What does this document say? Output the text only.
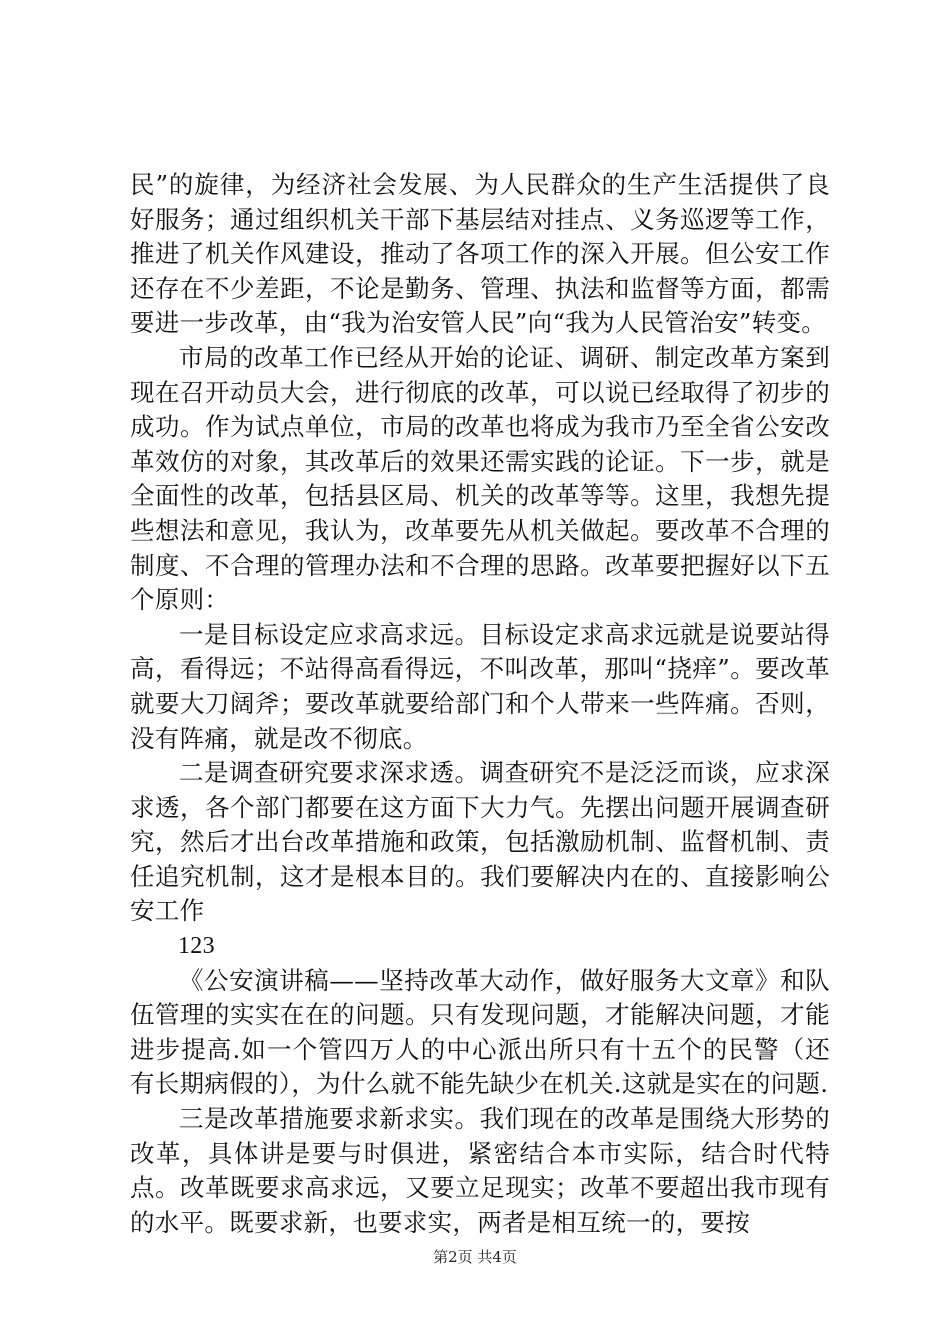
民”的旋律，为经济社会发展、为人民群众的生产生活提供了良好服务；通过组织机关干部下基层结对挂点、义务巡逻等工作，推进了机关作风建设，推动了各项工作的深入开展。但公安工作还存在不少差距，不论是勤务、管理、执法和监督等方面，都需要进一步改革，由“我为治安管人民”向“我为人民管治安”转变。

市局的改革工作已经从开始的论证、调研、制定改革方案到现在召开动员大会，进行彻底的改革，可以说已经取得了初步的成功。作为试点单位，市局的改革也将成为我市乃至全省公安改革效仿的对象，其改革后的效果还需实践的论证。下一步，就是全面性的改革，包括县区局、机关的改革等等。这里，我想先提些想法和意见，我认为，改革要先从机关做起。要改革不合理的制度、不合理的管理办法和不合理的思路。改革要把握好以下五个原则：

一是目标设定应求高求远。目标设定求高求远就是说要站得高，看得远；不站得高看得远，不叫改革，那叫“挠痒”。要改革就要大刀阔斧；要改革就要给部门和个人带来一些阵痛。否则，没有阵痛，就是改不彻底。

二是调查研究要求深求透。调查研究不是泛泛而谈，应求深求透，各个部门都要在这方面下大力气。先摆出问题开展调查研究，然后才出台改革措施和政策，包括激励机制、监督机制、责任追究机制，这才是根本目的。我们要解决内在的、直接影响公安工作

123

《公安演讲稿——坚持改革大动作，做好服务大文章》和队伍管理的实实在在的问题。只有发现问题，才能解决问题，才能进步提高.如一个管四万人的中心派出所只有十五个的民警（还有长期病假的），为什么就不能先缺少在机关.这就是实在的问题.

三是改革措施要求新求实。我们现在的改革是围绕大形势的改革，具体讲是要与时俱进，紧密结合本市实际，结合时代特点。改革既要求高求远，又要立足现实；改革不要超出我市现有的水平。既要求新，也要求实，两者是相互统一的，要按

第2页 共4页
